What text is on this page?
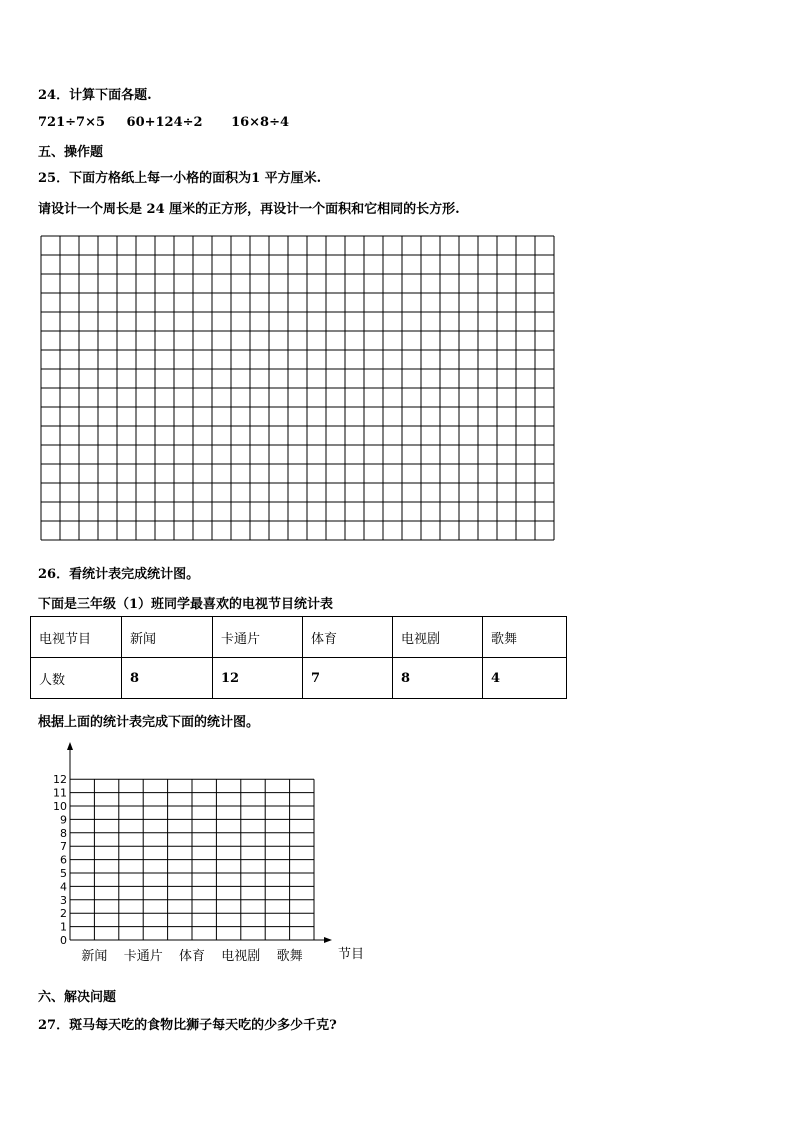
24．计算下面各题.
721÷7×5 60+124÷2 16×8÷4
五、操作题
25．下面方格纸上每一小格的面积为1 平方厘米.
请设计一个周长是 24 厘米的正方形，再设计一个面积和它相同的长方形.
26．看统计表完成统计图。
下面是三年级（1）班同学最喜欢的电视节目统计表
电视节目	新闻	卡通片	体育	电视剧	歌舞
人数	8	12	7	8	4
根据上面的统计表完成下面的统计图。
0
1
2
3
4
5
6
7
8
9
10
11
12
新闻 卡通片 体育 电视剧 歌舞	节目
六、解决问题
27．斑马每天吃的食物比狮子每天吃的少多少千克?
